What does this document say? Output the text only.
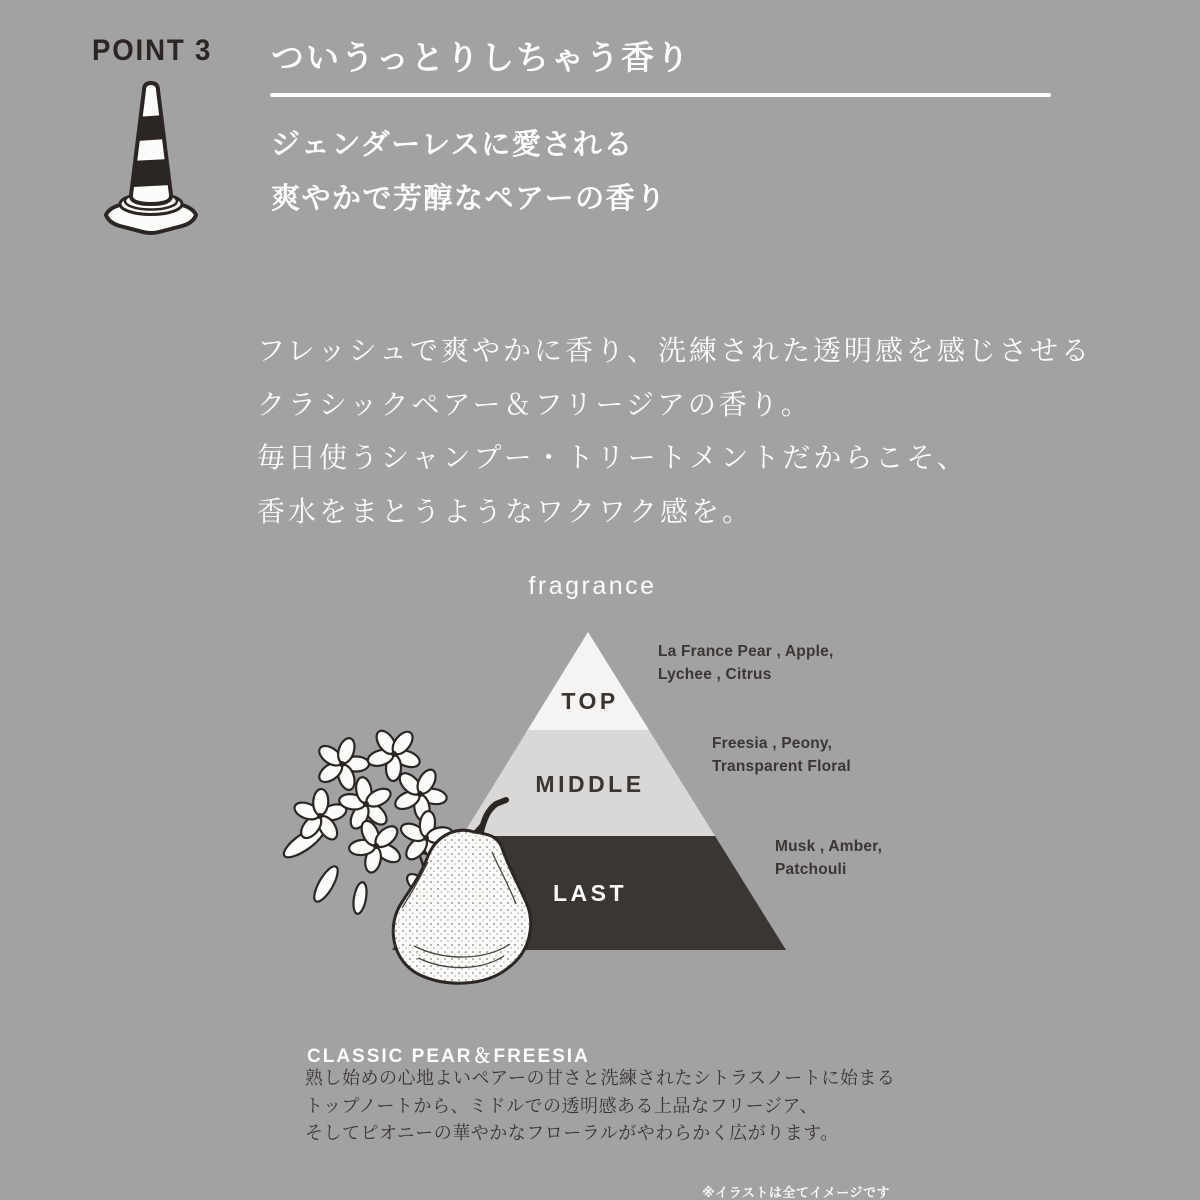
POINT 3 ついうっとりしちゃう香り
ジェンダーレスに愛される
爽やかで芳醇なペアーの香り
フレッシュで爽やかに香り、洗練された透明感を感じさせる
クラシックペアー＆フリージアの香り。
毎日使うシャンプー・トリートメントだからこそ、
香水をまとうようなワクワク感を。
fragrance
TOP
MIDDLE
LAST
La France Pear , Apple,
Lychee , Citrus
Freesia , Peony,
Transparent Floral
Musk , Amber,
Patchouli
CLASSIC PEAR＆FREESIA
熟し始めの心地よいペアーの甘さと洗練されたシトラスノートに始まる
トップノートから、ミドルでの透明感ある上品なフリージア、
そしてピオニーの華やかなフローラルがやわらかく広がります。
※イラストは全てイメージです
